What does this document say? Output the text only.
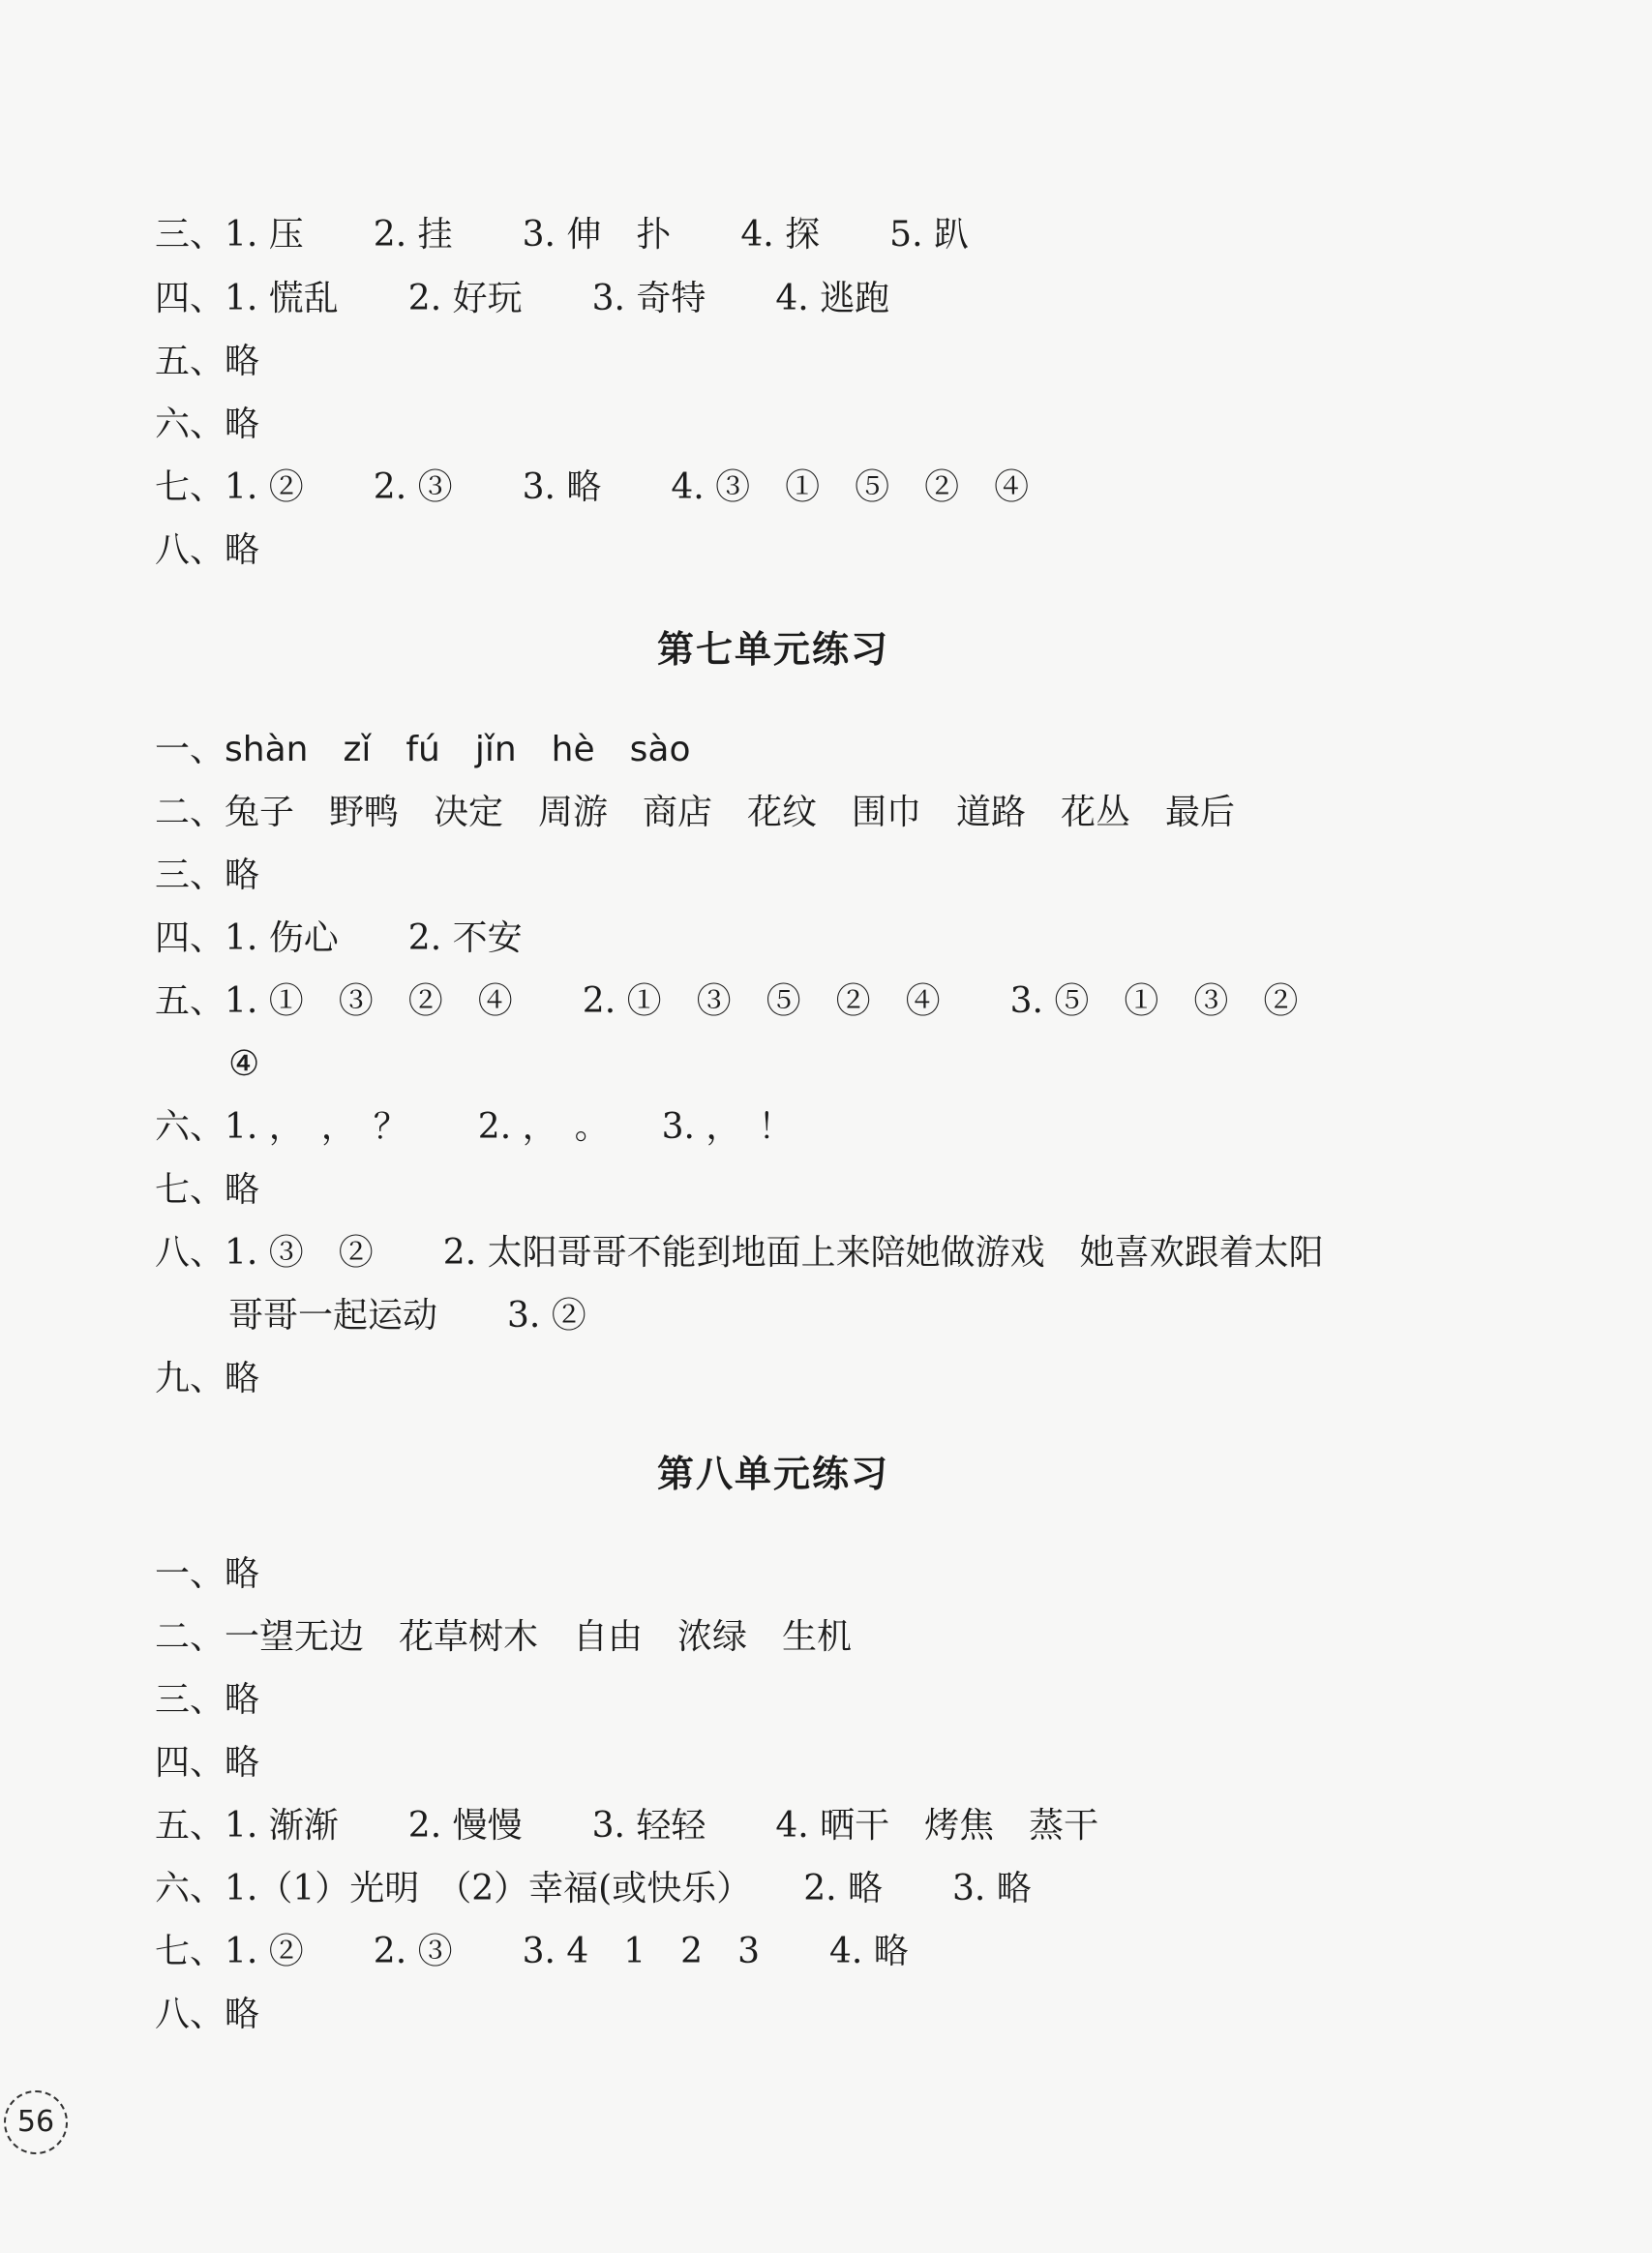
三、1. 压　　2. 挂　　3. 伸　扑　　4. 探　　5. 趴
四、1. 慌乱　　2. 好玩　　3. 奇特　　4. 逃跑
五、略
六、略
七、1. ②　　2. ③　　3. 略　　4. ③　①　⑤　②　④
八、略
第七单元练习
一、shàn　zǐ　fú　jǐn　hè　sào
二、兔子　野鸭　决定　周游　商店　花纹　围巾　道路　花丛　最后
三、略
四、1. 伤心　　2. 不安
五、1. ①　③　②　④　　2. ①　③　⑤　②　④　　3. ⑤　①　③　②
④
六、1. ，　，　？　　2. ，　。　　3. ，　！
七、略
八、1. ③　②　　2. 太阳哥哥不能到地面上来陪她做游戏　她喜欢跟着太阳
哥哥一起运动　　3. ②
九、略
第八单元练习
一、略
二、一望无边　花草树木　自由　浓绿　生机
三、略
四、略
五、1. 渐渐　　2. 慢慢　　3. 轻轻　　4. 晒干　烤焦　蒸干
六、1.（1）光明　（2）幸福(或快乐）　　2. 略　　3. 略
七、1. ②　　2. ③　　3. 4　1　2　3　　4. 略
八、略
56
